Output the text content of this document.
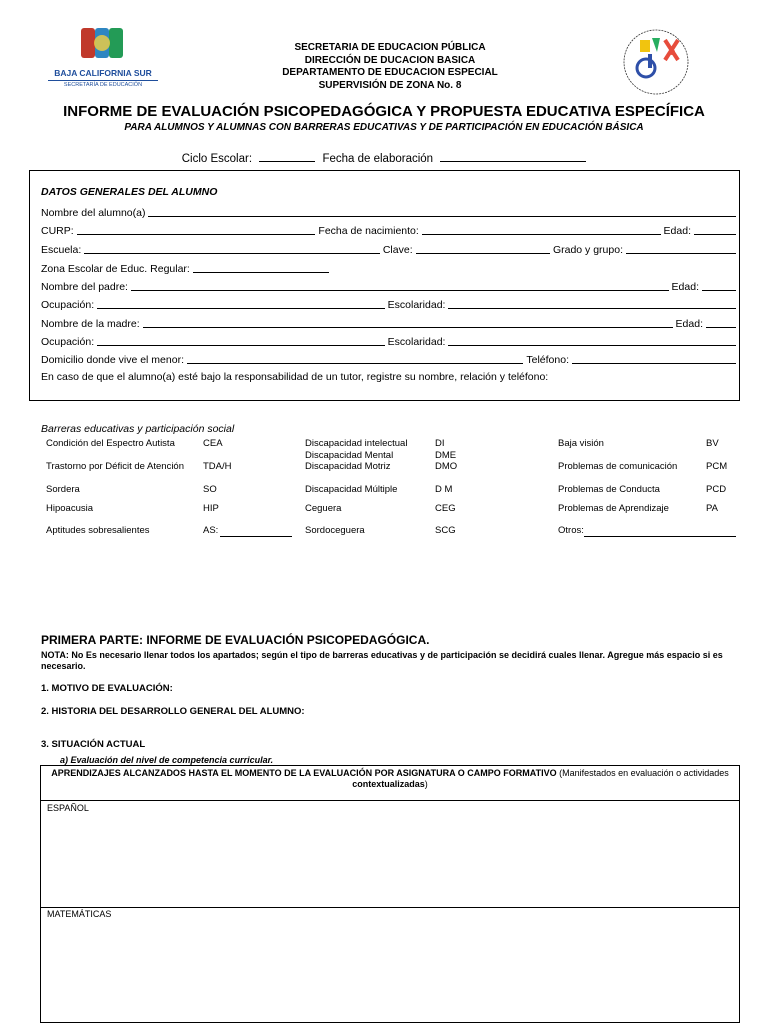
BAJA CALIFORNIA SUR
SECRETARÍA DE EDUCACIÓN
SECRETARIA DE EDUCACION PÚBLICA
DIRECCIÓN DE DUCACION BASICA
DEPARTAMENTO DE EDUCACION ESPECIAL
SUPERVISIÓN DE ZONA No. 8
INFORME DE EVALUACIÓN PSICOPEDAGÓGICA Y PROPUESTA EDUCATIVA ESPECÍFICA
PARA ALUMNOS Y ALUMNAS CON BARRERAS EDUCATIVAS Y DE PARTICIPACIÓN EN EDUCACIÓN BÁSICA
Ciclo Escolar:	Fecha de elaboración
DATOS GENERALES DEL ALUMNO
Nombre del alumno(a)
CURP:	Fecha de nacimiento:	Edad:
Escuela:	Clave:	Grado y grupo:
Zona Escolar de Educ. Regular:
Nombre del padre:	Edad:
Ocupación:	Escolaridad:
Nombre de la madre:	Edad:
Ocupación:	Escolaridad:
Domicilio donde vive el menor:	Teléfono:
En caso de que el alumno(a) esté bajo la responsabilidad de un tutor, registre su nombre, relación y teléfono:
Barreras educativas y participación social
Condición del Espectro Autista	CEA	Discapacidad intelectual	DI	Baja visión	BV
Discapacidad Mental	DME
Trastorno por Déficit de Atención TDA/H	Discapacidad Motriz	DMO	Problemas de comunicación	PCM
Sordera	SO	Discapacidad Múltiple	D M	Problemas de Conducta	PCD
Hipoacusia	HIP	Ceguera	CEG	Problemas de Aprendizaje	PA
Aptitudes sobresalientes	AS:	Sordoceguera	SCG	Otros:
PRIMERA PARTE: INFORME DE EVALUACIÓN PSICOPEDAGÓGICA.
NOTA: No Es necesario llenar todos los apartados; según el tipo de barreras educativas y de participación se decidirá cuales llenar. Agregue más espacio si es necesario.
1. MOTIVO DE EVALUACIÓN:
2. HISTORIA DEL DESARROLLO GENERAL DEL ALUMNO:
3. SITUACIÓN ACTUAL
a) Evaluación del nivel de competencia curricular.
APRENDIZAJES ALCANZADOS HASTA EL MOMENTO DE LA EVALUACIÓN POR ASIGNATURA O CAMPO FORMATIVO (Manifestados en evaluación o actividades contextualizadas)
ESPAÑOL
MATEMÁTICAS
